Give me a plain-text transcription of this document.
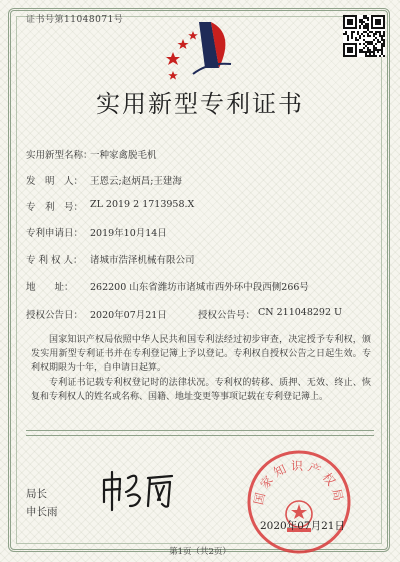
证书号第11048071号
实用新型专利证书
实用新型名称：
一种家禽脱毛机
发　明　人： 王恩云;赵炳昌;王建海
专　利　号： ZL 2019 2 1713958.X
专利申请日： 2019年10月14日
专 利 权 人： 诸城市浩泽机械有限公司
地　　址： 262200 山东省潍坊市诸城市西外环中段西侧266号
授权公告日： 2020年07月21日	授权公告号： CN 211048292 U
国家知识产权局依照中华人民共和国专利法经过初步审查，决定授予专利权，颁发实用新型专利证书并在专利登记簿上予以登记。专利权自授权公告之日起生效。专利权期限为十年，自申请日起算。
专利证书记载专利权登记时的法律状况。专利权的转移、质押、无效、终止、恢复和专利权人的姓名或名称、国籍、地址变更等事项记载在专利登记簿上。
局长
申长雨
国家知识产权局
2020年07月21日
第1页（共2页）
